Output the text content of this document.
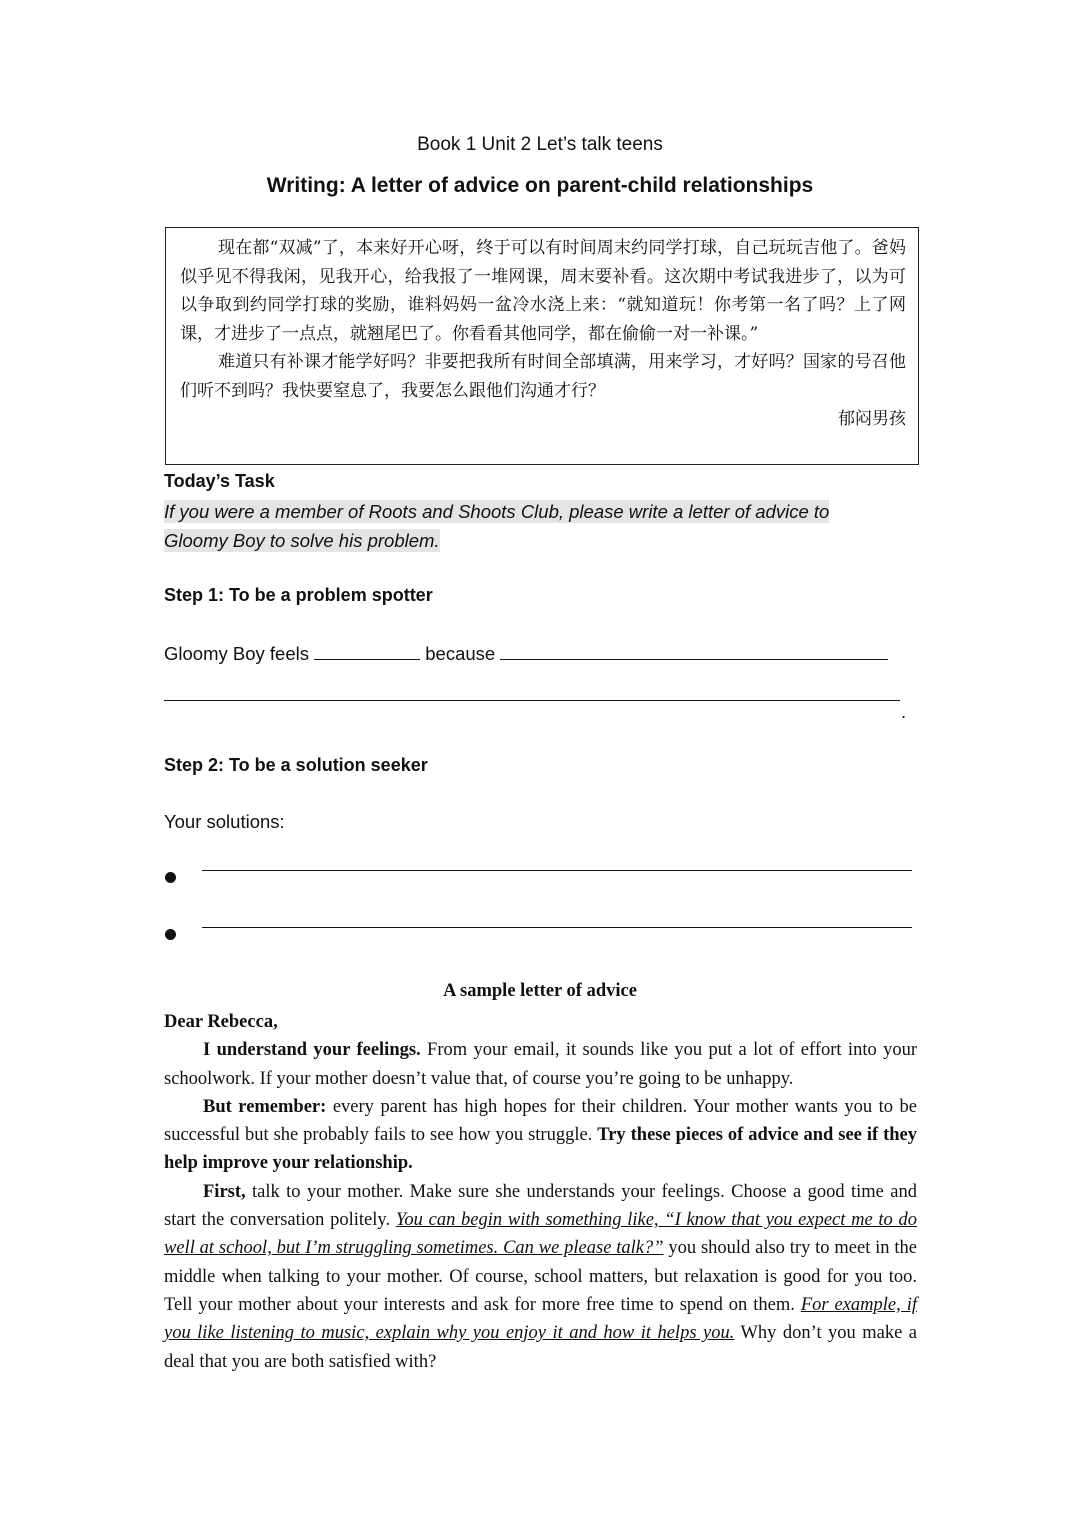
Book 1 Unit 2 Let’s talk teens
Writing: A letter of advice on parent-child relationships

现在都“双减”了，本来好开心呀，终于可以有时间周末约同学打球，自己玩玩吉他了。爸妈似乎见不得我闲，见我开心，给我报了一堆网课，周末要补看。这次期中考试我进步了，以为可以争取到约同学打球的奖励，谁料妈妈一盆冷水浇上来：“就知道玩！你考第一名了吗？上了网课，才进步了一点点，就翘尾巴了。你看看其他同学，都在偷偷一对一补课。”

难道只有补课才能学好吗？非要把我所有时间全部填满，用来学习，才好吗？国家的号召他们听不到吗？我快要窒息了，我要怎么跟他们沟通才行？

郁闷男孩
Today’s Task
If you were a member of Roots and Shoots Club, please write a letter of advice to
Gloomy Boy to solve his problem.
Step 1: To be a problem spotter
Gloomy Boy feels	because
.
Step 2: To be a solution seeker
Your solutions:
A sample letter of advice

Dear Rebecca,

I understand your feelings. From your email, it sounds like you put a lot of effort into your schoolwork. If your mother doesn’t value that, of course you’re going to be unhappy.

But remember: every parent has high hopes for their children. Your mother wants you to be successful but she probably fails to see how you struggle. Try these pieces of advice and see if they help improve your relationship.

First, talk to your mother. Make sure she understands your feelings. Choose a good time and start the conversation politely. You can begin with something like, “I know that you expect me to do well at school, but I’m struggling sometimes. Can we please talk?” you should also try to meet in the middle when talking to your mother. Of course, school matters, but relaxation is good for you too. Tell your mother about your interests and ask for more free time to spend on them. For example, if you like listening to music, explain why you enjoy it and how it helps you. Why don’t you make a deal that you are both satisfied with?
